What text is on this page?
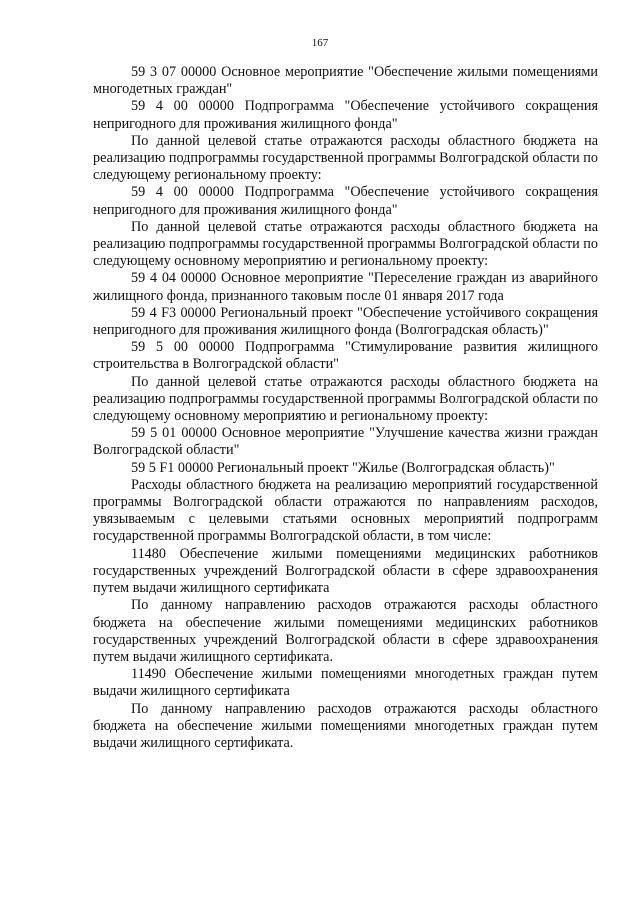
167

59 3 07 00000 Основное мероприятие "Обеспечение жилыми помещениями многодетных граждан"

59 4 00 00000 Подпрограмма "Обеспечение устойчивого сокращения непригодного для проживания жилищного фонда"

По данной целевой статье отражаются расходы областного бюджета на реализацию подпрограммы государственной программы Волгоградской области по следующему региональному проекту:

59 4 00 00000 Подпрограмма "Обеспечение устойчивого сокращения непригодного для проживания жилищного фонда"

По данной целевой статье отражаются расходы областного бюджета на реализацию подпрограммы государственной программы Волгоградской области по следующему основному мероприятию и региональному проекту:

59 4 04 00000 Основное мероприятие "Переселение граждан из аварийного жилищного фонда, признанного таковым после 01 января 2017 года

59 4 F3 00000 Региональный проект "Обеспечение устойчивого сокращения непригодного для проживания жилищного фонда (Волгоградская область)"

59 5 00 00000 Подпрограмма "Стимулирование развития жилищного строительства в Волгоградской области"

По данной целевой статье отражаются расходы областного бюджета на реализацию подпрограммы государственной программы Волгоградской области по следующему основному мероприятию и региональному проекту:

59 5 01 00000 Основное мероприятие "Улучшение качества жизни граждан Волгоградской области"

59 5 F1 00000 Региональный проект "Жилье (Волгоградская область)"

Расходы областного бюджета на реализацию мероприятий государственной программы Волгоградской области отражаются по направлениям расходов, увязываемым с целевыми статьями основных мероприятий подпрограмм государственной программы Волгоградской области, в том числе:

11480 Обеспечение жилыми помещениями медицинских работников государственных учреждений Волгоградской области в сфере здравоохранения путем выдачи жилищного сертификата

По данному направлению расходов отражаются расходы областного бюджета на обеспечение жилыми помещениями медицинских работников государственных учреждений Волгоградской области в сфере здравоохранения путем выдачи жилищного сертификата.

11490 Обеспечение жилыми помещениями многодетных граждан путем выдачи жилищного сертификата

По данному направлению расходов отражаются расходы областного бюджета на обеспечение жилыми помещениями многодетных граждан путем выдачи жилищного сертификата.
